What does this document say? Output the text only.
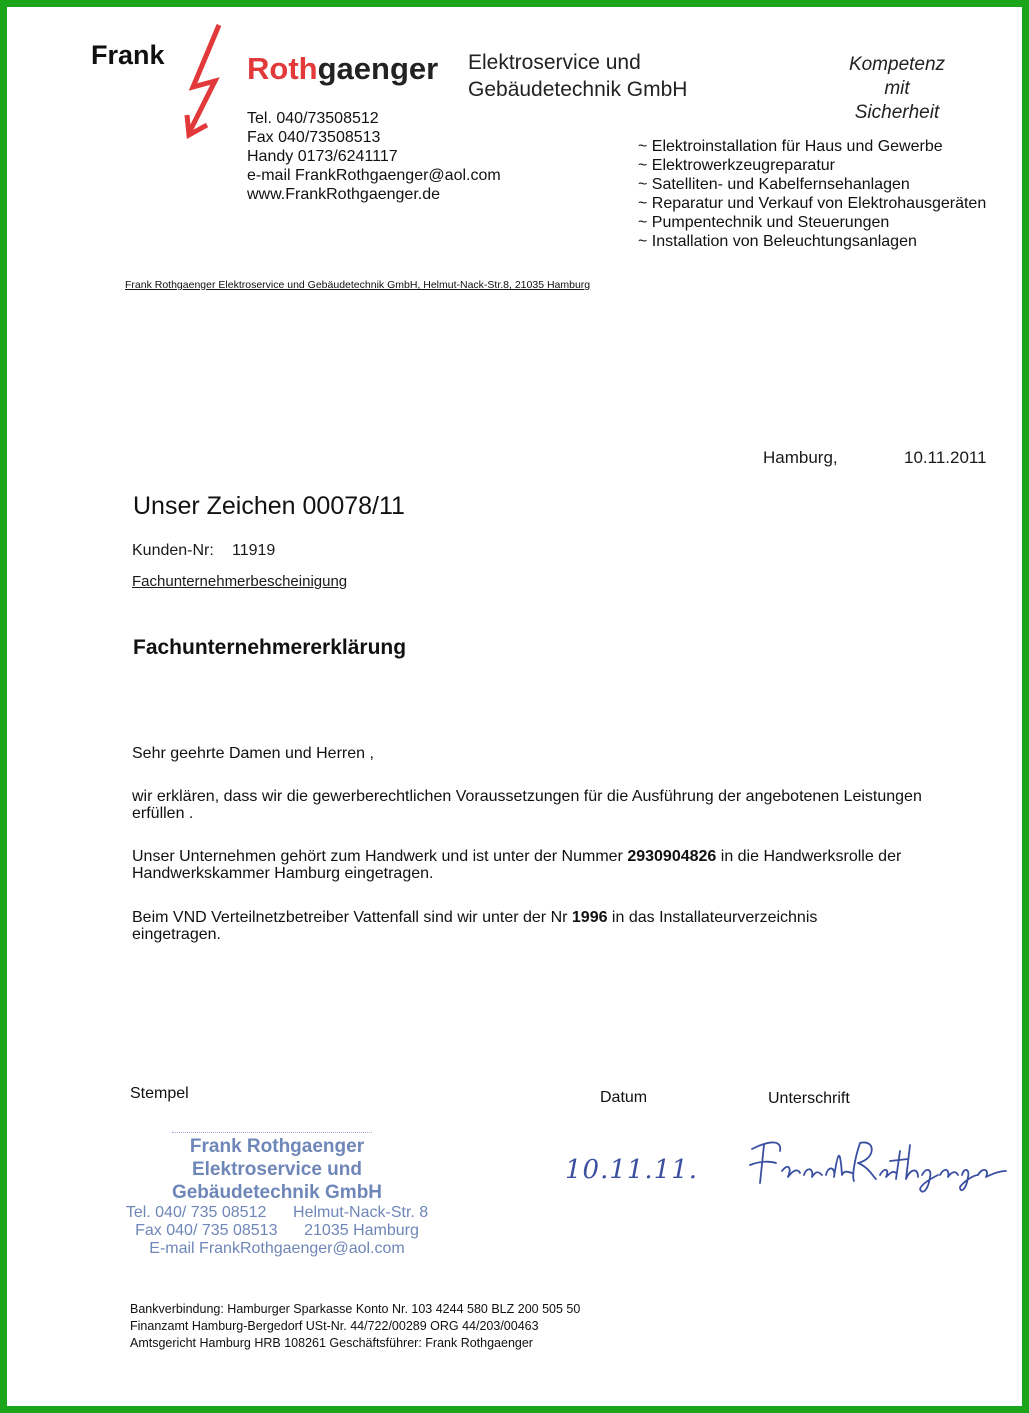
Frank	Rothgaenger Elektroservice und
Gebäudetechnik GmbH
Tel. 040/73508512
Fax 040/73508513
Handy 0173/6241117
e-mail FrankRothgaenger@aol.com
www.FrankRothgaenger.de
Kompetenz
mit
Sicherheit
~ Elektroinstallation für Haus und Gewerbe
~ Elektrowerkzeugreparatur
~ Satelliten- und Kabelfernsehanlagen
~ Reparatur und Verkauf von Elektrohausgeräten
~ Pumpentechnik und Steuerungen
~ Installation von Beleuchtungsanlagen
Frank Rothgaenger Elektroservice und Gebäudetechnik GmbH, Helmut-Nack-Str.8, 21035 Hamburg
Hamburg,	10.11.2011
Unser Zeichen 00078/11
Kunden-Nr: 11919
Fachunternehmerbescheinigung
Fachunternehmererklärung
Sehr geehrte Damen und Herren ,
wir erklären, dass wir die gewerberechtlichen Voraussetzungen für die Ausführung der angebotenen Leistungen erfüllen .
Unser Unternehmen gehört zum Handwerk und ist unter der Nummer 2930904826 in die Handwerksrolle der Handwerkskammer Hamburg eingetragen.
Beim VND Verteilnetzbetreiber Vattenfall sind wir unter der Nr 1996 in das Installateurverzeichnis eingetragen.
Stempel	Datum	Unterschrift
Frank Rothgaenger
Elektroservice und
Gebäudetechnik GmbH
Tel. 040/ 735 08512      Helmut-Nack-Str. 8
Fax 040/ 735 08513      21035 Hamburg
E-mail FrankRothgaenger@aol.com
10.11.11.
Bankverbindung: Hamburger Sparkasse Konto Nr. 103 4244 580 BLZ 200 505 50
Finanzamt Hamburg-Bergedorf USt-Nr. 44/722/00289 ORG 44/203/00463
Amtsgericht Hamburg HRB 108261 Geschäftsführer: Frank Rothgaenger
